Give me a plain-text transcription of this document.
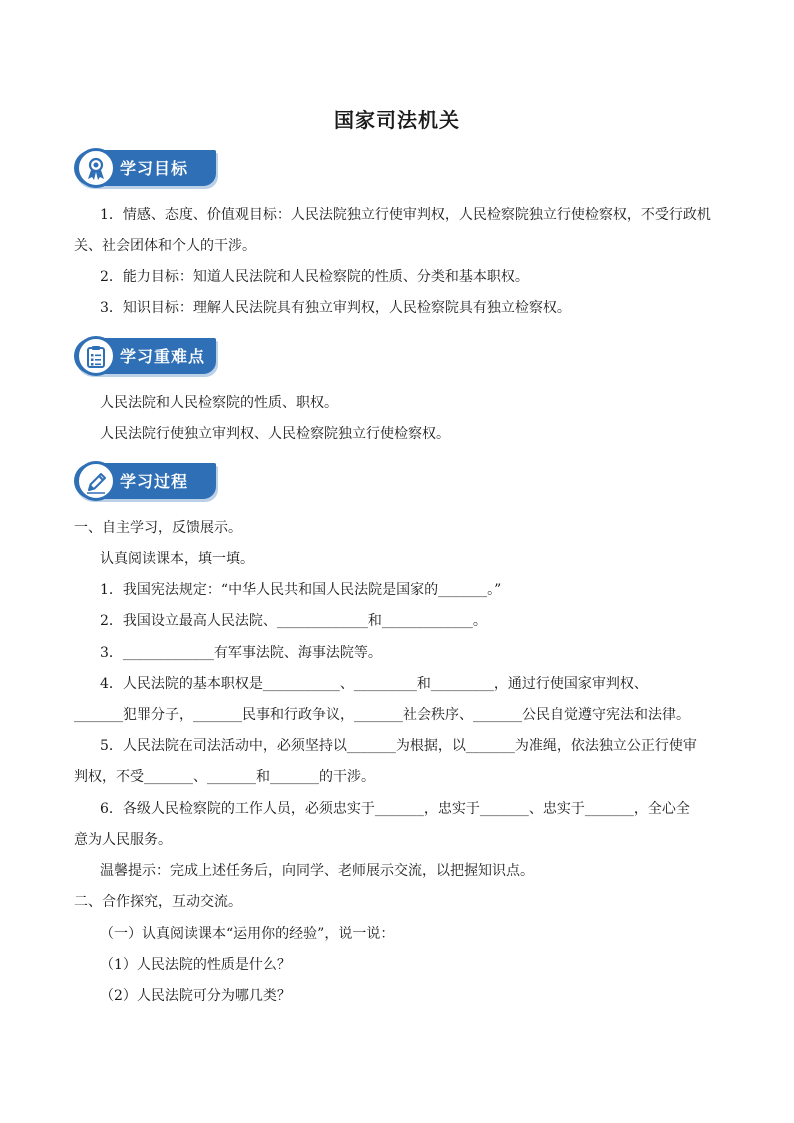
国家司法机关
学习目标
1．情感、态度、价值观目标：人民法院独立行使审判权，人民检察院独立行使检察权，不受行政机
关、社会团体和个人的干涉。
2．能力目标：知道人民法院和人民检察院的性质、分类和基本职权。
3．知识目标：理解人民法院具有独立审判权，人民检察院具有独立检察权。
学习重难点
人民法院和人民检察院的性质、职权。
人民法院行使独立审判权、人民检察院独立行使检察权。
学习过程
一、自主学习，反馈展示。
认真阅读课本，填一填。
1．我国宪法规定：“中华人民共和国人民法院是国家的_______。”
2．我国设立最高人民法院、_____________和_____________。
3．_____________有军事法院、海事法院等。
4．人民法院的基本职权是___________、_________和_________，通过行使国家审判权、
_______犯罪分子，_______民事和行政争议，_______社会秩序、_______公民自觉遵守宪法和法律。
5．人民法院在司法活动中，必须坚持以_______为根据，以_______为准绳，依法独立公正行使审
判权，不受_______、_______和_______的干涉。
6．各级人民检察院的工作人员，必须忠实于_______，忠实于_______、忠实于_______，全心全
意为人民服务。
温馨提示：完成上述任务后，向同学、老师展示交流，以把握知识点。
二、合作探究，互动交流。
（一）认真阅读课本“运用你的经验”，说一说：
（1）人民法院的性质是什么？
（2）人民法院可分为哪几类？
